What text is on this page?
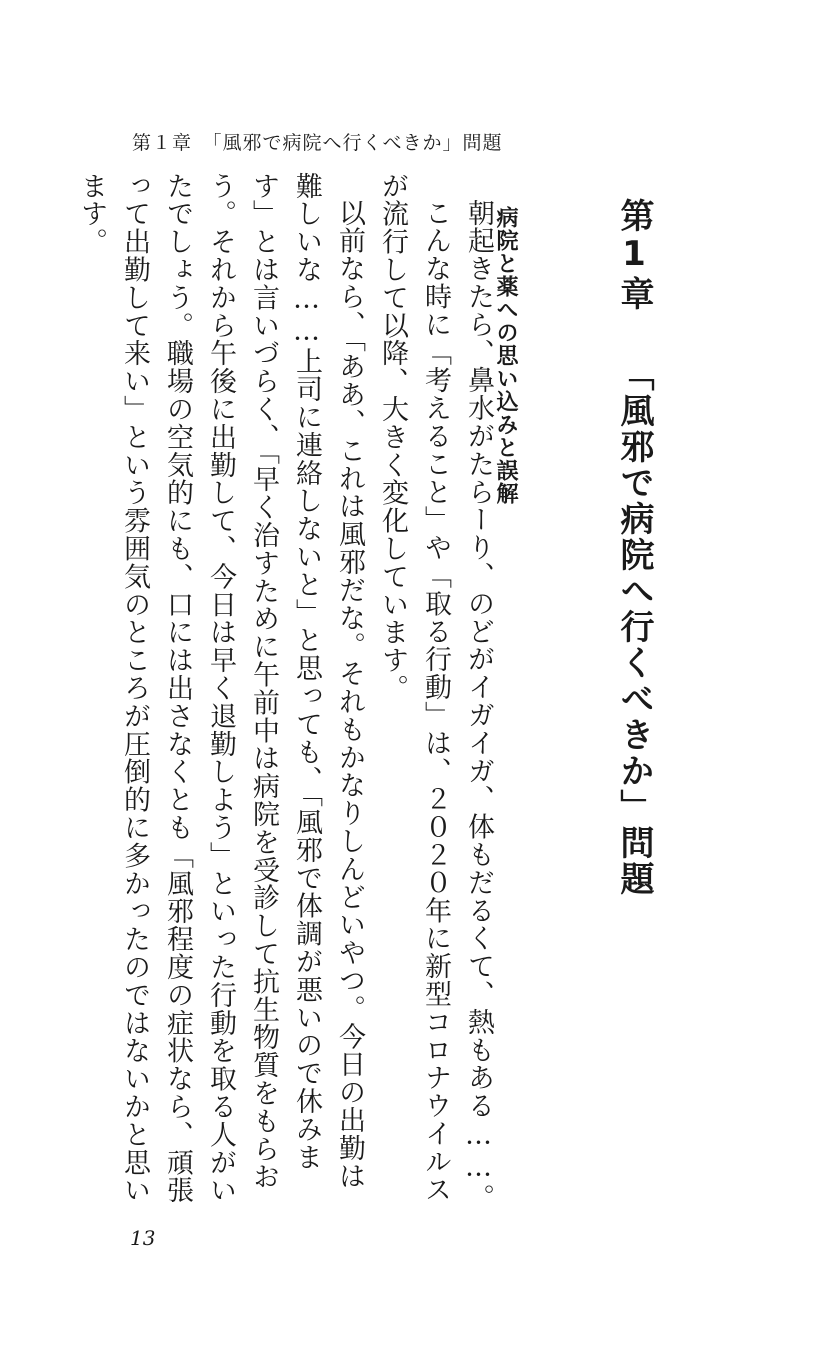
第１章　「風邪で病院へ行くべきか」問題
第1章　「風邪で病院へ行くべきか」問題
病院と薬への思い込みと誤解

朝起きたら、鼻水がたらーり、のどがイガイガ、体もだるくて、熱もある……。

こんな時に「考えること」や「取る行動」は、２０２０年に新型コロナウイルスが流行して以降、大きく変化しています。

以前なら、「ああ、これは風邪だな。それもかなりしんどいやつ。今日の出勤は難しいな……上司に連絡しないと」と思っても、「風邪で体調が悪いので休みます」とは言いづらく、「早く治すために午前中は病院を受診して抗生物質をもらおう。それから午後に出勤して、今日は早く退勤しよう」といった行動を取る人がいたでしょう。職場の空気的にも、口には出さなくとも「風邪程度の症状なら、頑張って出勤して来い」という雰囲気のところが圧倒的に多かったのではないかと思います。

13
